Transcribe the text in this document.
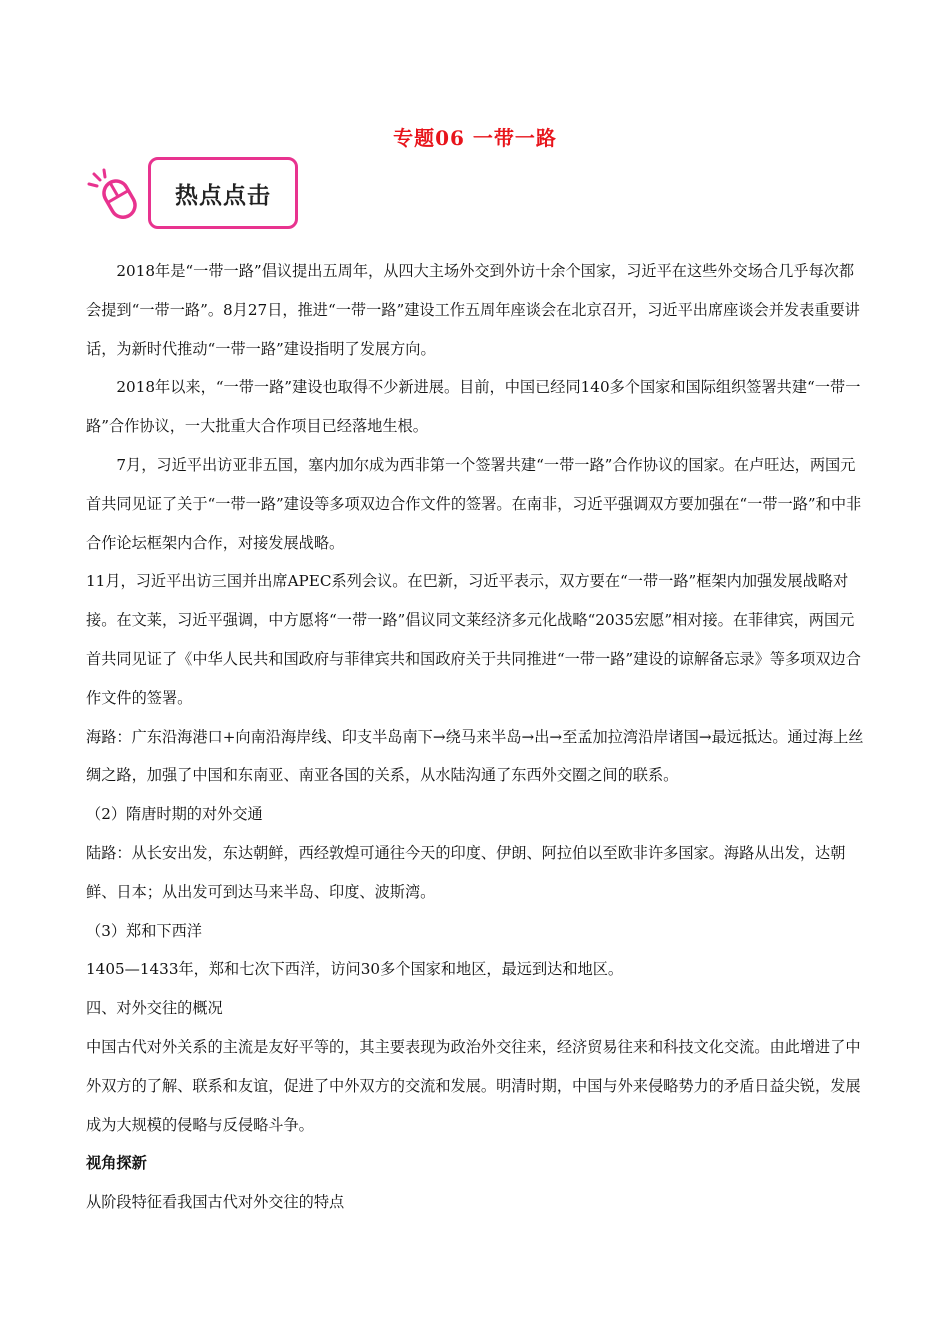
专题06 一带一路
热点点击

2018年是“一带一路”倡议提出五周年，从四大主场外交到外访十余个国家，习近平在这些外交场合几乎每次都会提到“一带一路”。8月27日，推进“一带一路”建设工作五周年座谈会在北京召开，习近平出席座谈会并发表重要讲话，为新时代推动“一带一路”建设指明了发展方向。

2018年以来，“一带一路”建设也取得不少新进展。目前，中国已经同140多个国家和国际组织签署共建“一带一路”合作协议，一大批重大合作项目已经落地生根。

7月，习近平出访亚非五国，塞内加尔成为西非第一个签署共建“一带一路”合作协议的国家。在卢旺达，两国元首共同见证了关于“一带一路”建设等多项双边合作文件的签署。在南非，习近平强调双方要加强在“一带一路”和中非合作论坛框架内合作，对接发展战略。

11月，习近平出访三国并出席APEC系列会议。在巴新，习近平表示，双方要在“一带一路”框架内加强发展战略对接。在文莱，习近平强调，中方愿将“一带一路”倡议同文莱经济多元化战略“2035宏愿”相对接。在菲律宾，两国元首共同见证了《中华人民共和国政府与菲律宾共和国政府关于共同推进“一带一路”建设的谅解备忘录》等多项双边合作文件的签署。

海路：广东沿海港口+向南沿海岸线、印支半岛南下→绕马来半岛→出→至孟加拉湾沿岸诸国→最远抵达。通过海上丝绸之路，加强了中国和东南亚、南亚各国的关系，从水陆沟通了东西外交圈之间的联系。

（2）隋唐时期的对外交通

陆路：从长安出发，东达朝鲜，西经敦煌可通往今天的印度、伊朗、阿拉伯以至欧非许多国家。海路从出发，达朝鲜、日本；从出发可到达马来半岛、印度、波斯湾。

（3）郑和下西洋

1405—1433年，郑和七次下西洋，访问30多个国家和地区，最远到达和地区。

四、对外交往的概况

中国古代对外关系的主流是友好平等的，其主要表现为政治外交往来，经济贸易往来和科技文化交流。由此增进了中外双方的了解、联系和友谊，促进了中外双方的交流和发展。明清时期，中国与外来侵略势力的矛盾日益尖锐，发展成为大规模的侵略与反侵略斗争。

视角探新

从阶段特征看我国古代对外交往的特点
